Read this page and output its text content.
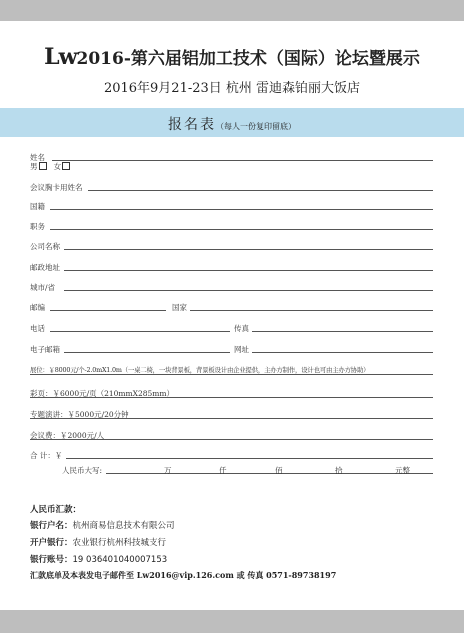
Lw2016-第六届铝加工技术（国际）论坛暨展示
2016年9月21-23日 杭州 雷迪森铂丽大饭店
报名表（每人一份复印留底）
姓名
男 女
会议胸卡用姓名
国籍
职务
公司名称
邮政地址
城市/省
邮编	国家
电话	传真
电子邮箱	网址
展位：￥8000元/个-2.0mX1.0m（一桌二椅，一块背景板，背景板设计由企业提供，主办方制作，设计也可由主办方协助）
彩页：￥6000元/页（210mmX285mm）
专题演讲：￥5000元/20分钟
会议费：￥2000元/人
合 计：￥
人民币大写:	万	仟	佰	拾	元整
人民币汇款：
银行户名：杭州商易信息技术有限公司
开户银行：农业银行杭州科技城支行
银行账号：19 036401040007153
汇款底单及本表发电子邮件至 Lw2016@vip.126.com 或 传真 0571-89738197
